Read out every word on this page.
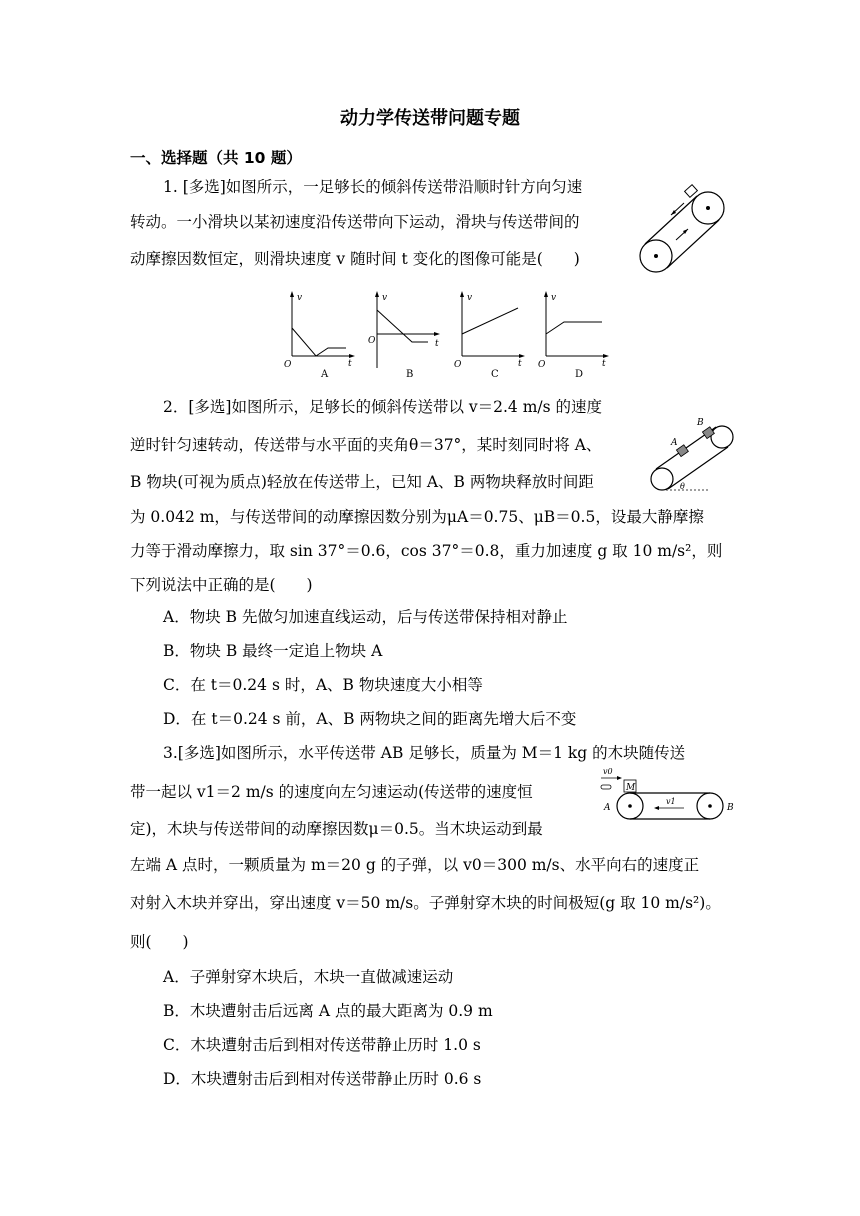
动力学传送带问题专题
一、选择题（共 10 题）
1. [多选]如图所示，一足够长的倾斜传送带沿顺时针方向匀速
转动。一小滑块以某初速度沿传送带向下运动，滑块与传送带间的
动摩擦因数恒定，则滑块速度 v 随时间 t 变化的图像可能是(　　)
v
t
O
A
v
t
O
B
v
t
O
C
v
t
O
D
2．[多选]如图所示，足够长的倾斜传送带以 v＝2.4 m/s 的速度
逆时针匀速转动，传送带与水平面的夹角θ＝37°，某时刻同时将 A、
B 物块(可视为质点)轻放在传送带上，已知 A、B 两物块释放时间距
为 0.042 m，与传送带间的动摩擦因数分别为μA＝0.75、μB＝0.5，设最大静摩擦
力等于滑动摩擦力，取 sin 37°＝0.6，cos 37°＝0.8，重力加速度 g 取 10 m/s²，则
下列说法中正确的是(　　)
A
B
θ
A．物块 B 先做匀加速直线运动，后与传送带保持相对静止
B．物块 B 最终一定追上物块 A
C．在 t＝0.24 s 时，A、B 物块速度大小相等
D．在 t＝0.24 s 前，A、B 两物块之间的距离先增大后不变
3.[多选]如图所示，水平传送带 AB 足够长，质量为 M＝1 kg 的木块随传送
带一起以 v1＝2 m/s 的速度向左匀速运动(传送带的速度恒
定)，木块与传送带间的动摩擦因数μ＝0.5。当木块运动到最
左端 A 点时，一颗质量为 m＝20 g 的子弹，以 v0＝300 m/s、水平向右的速度正
对射入木块并穿出，穿出速度 v＝50 m/s。子弹射穿木块的时间极短(g 取 10 m/s²)。
则(　　)
v0
M
v1
A	B
A．子弹射穿木块后，木块一直做减速运动
B．木块遭射击后远离 A 点的最大距离为 0.9 m
C．木块遭射击后到相对传送带静止历时 1.0 s
D．木块遭射击后到相对传送带静止历时 0.6 s
